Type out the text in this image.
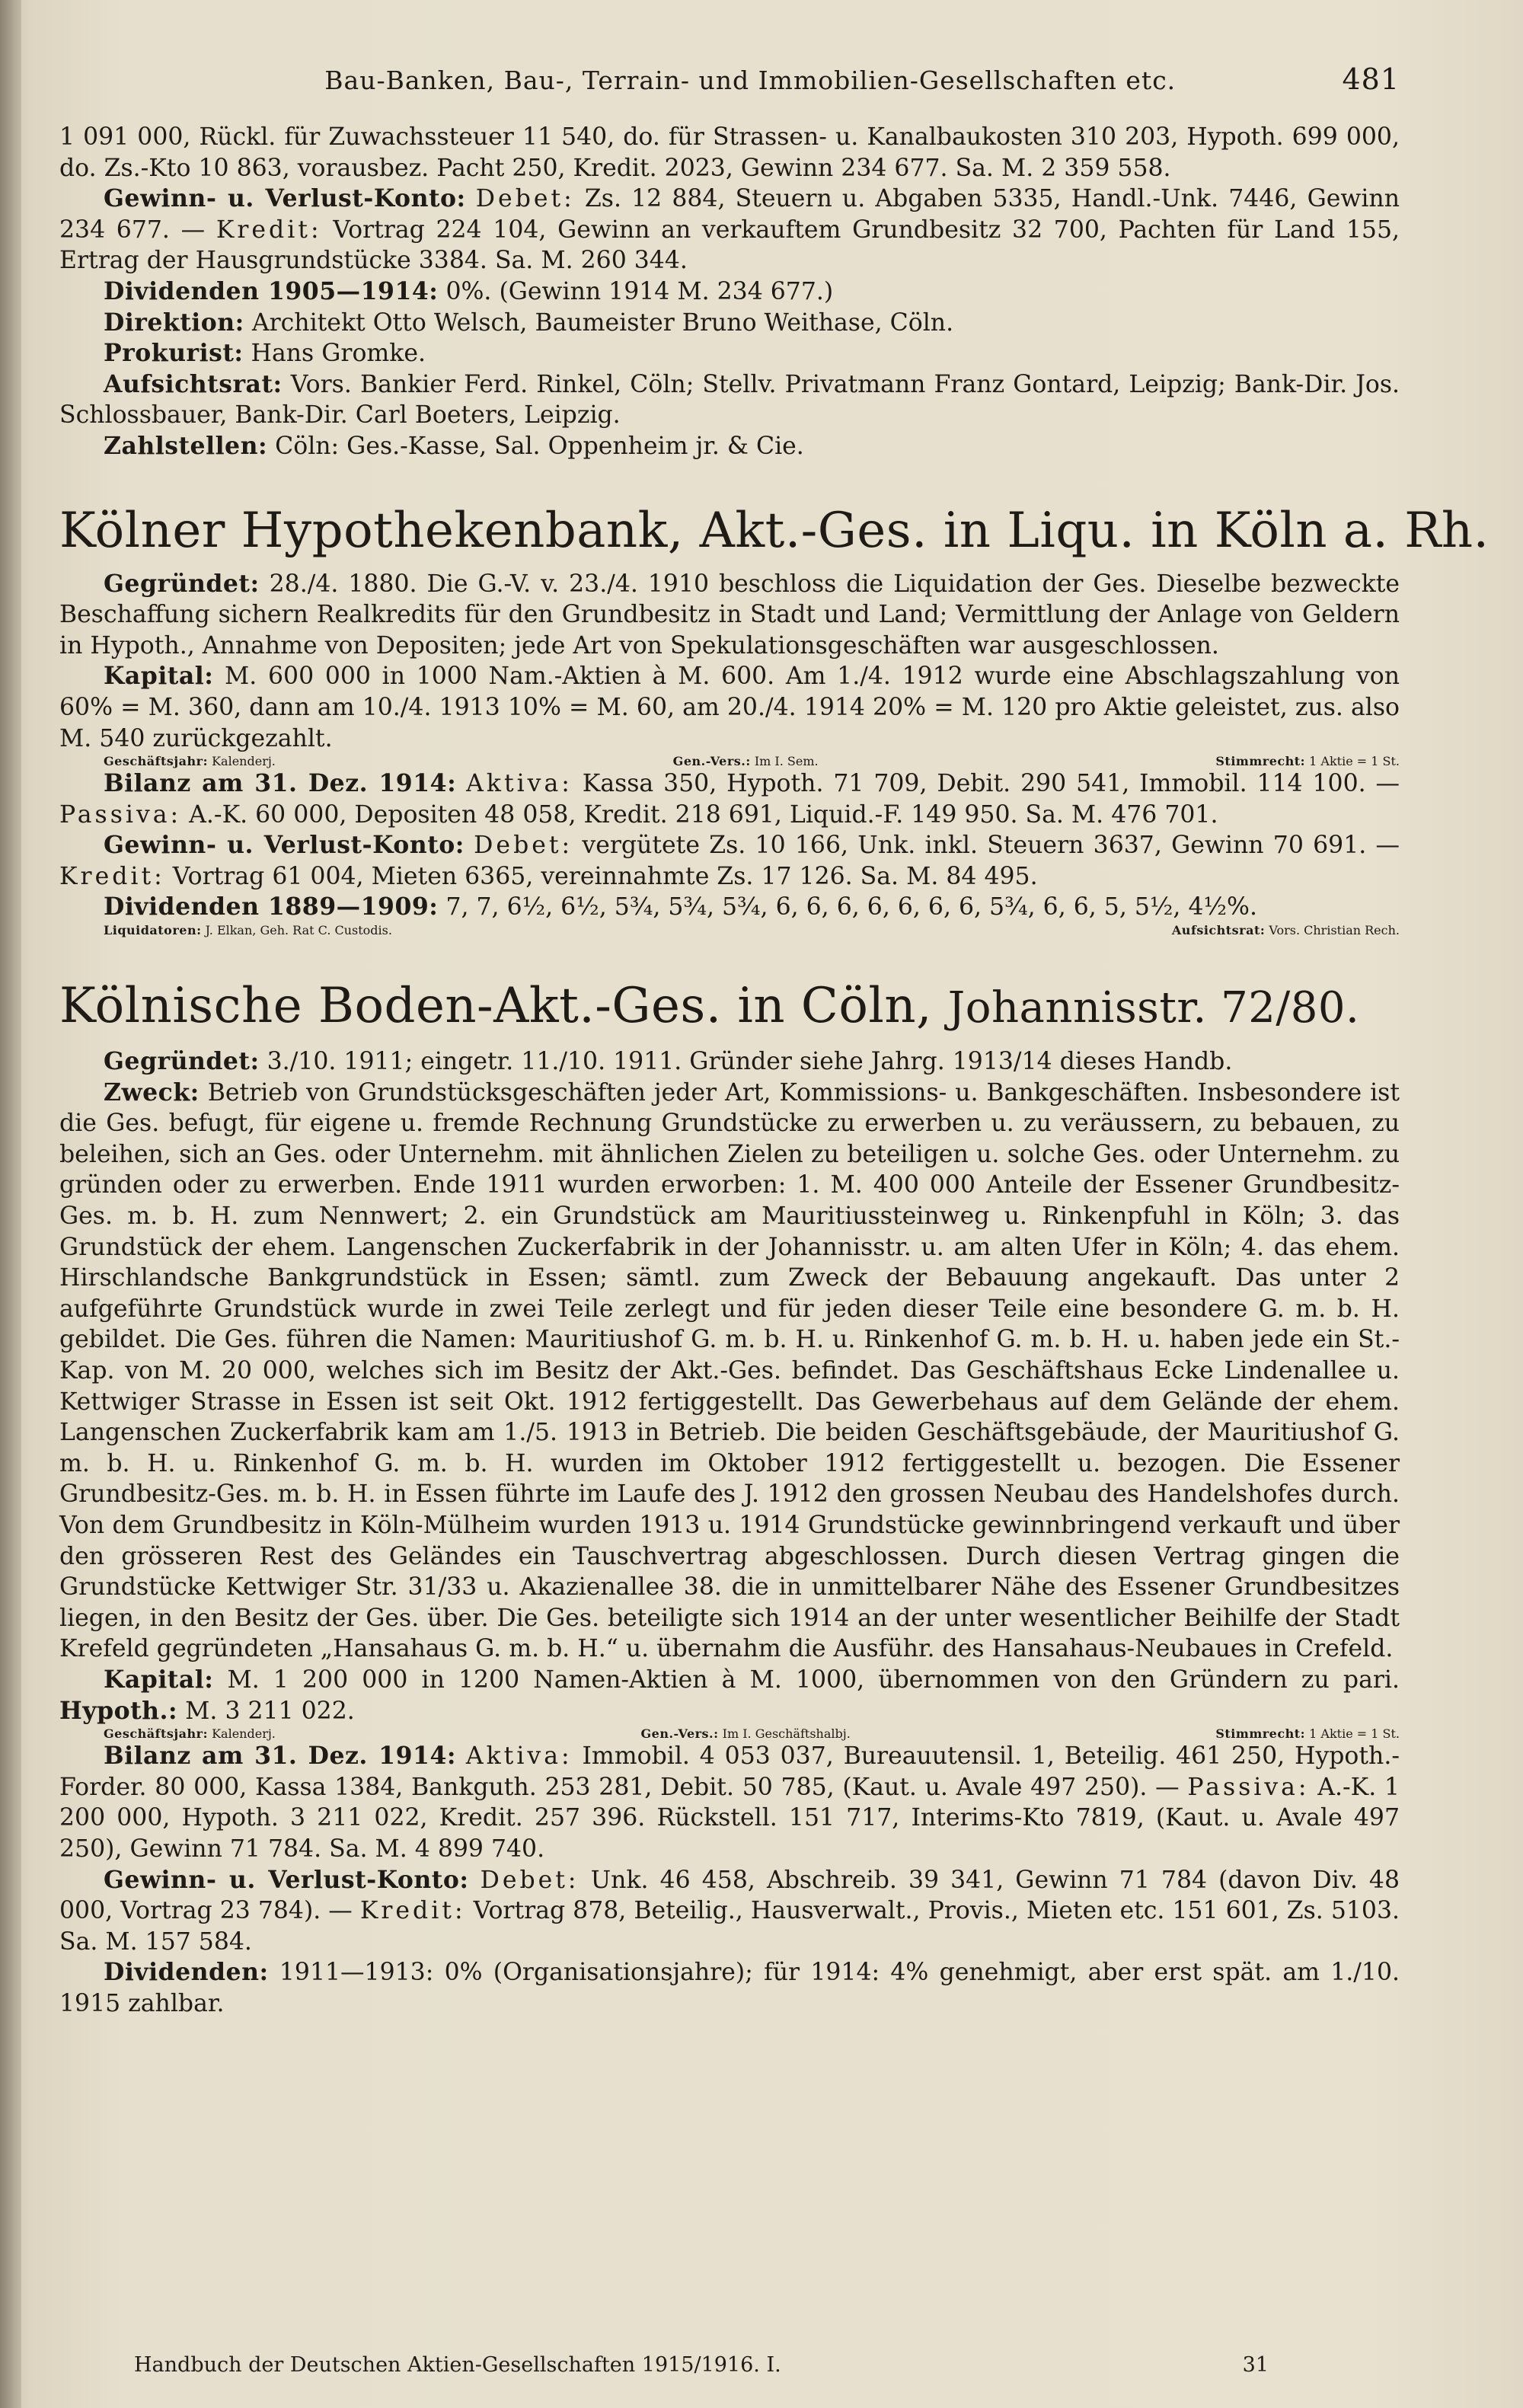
Bau-Banken, Bau-, Terrain- und Immobilien-Gesellschaften etc.	481

1 091 000, Rückl. für Zuwachssteuer 11 540, do. für Strassen- u. Kanalbaukosten 310 203, Hypoth. 699 000, do. Zs.-Kto 10 863, vorausbez. Pacht 250, Kredit. 2023, Gewinn 234 677. Sa. M. 2 359 558.

Gewinn- u. Verlust-Konto: Debet: Zs. 12 884, Steuern u. Abgaben 5335, Handl.-Unk. 7446, Gewinn 234 677. — Kredit: Vortrag 224 104, Gewinn an verkauftem Grundbesitz 32 700, Pachten für Land 155, Ertrag der Hausgrundstücke 3384. Sa. M. 260 344.

Dividenden 1905—1914: 0%. (Gewinn 1914 M. 234 677.)

Direktion: Architekt Otto Welsch, Baumeister Bruno Weithase, Cöln.

Prokurist: Hans Gromke.

Aufsichtsrat: Vors. Bankier Ferd. Rinkel, Cöln; Stellv. Privatmann Franz Gontard, Leipzig; Bank-Dir. Jos. Schlossbauer, Bank-Dir. Carl Boeters, Leipzig.

Zahlstellen: Cöln: Ges.-Kasse, Sal. Oppenheim jr. & Cie.

Kölner Hypothekenbank, Akt.-Ges. in Liqu. in Köln a. Rh.

Gegründet: 28./4. 1880. Die G.-V. v. 23./4. 1910 beschloss die Liquidation der Ges. Dieselbe bezweckte Beschaffung sichern Realkredits für den Grundbesitz in Stadt und Land; Vermittlung der Anlage von Geldern in Hypoth., Annahme von Depositen; jede Art von Spekulationsgeschäften war ausgeschlossen.

Kapital: M. 600 000 in 1000 Nam.-Aktien à M. 600. Am 1./4. 1912 wurde eine Abschlagszahlung von 60% = M. 360, dann am 10./4. 1913 10% = M. 60, am 20./4. 1914 20% = M. 120 pro Aktie geleistet, zus. also M. 540 zurückgezahlt.

Geschäftsjahr: Kalenderj.	Gen.-Vers.: Im I. Sem.	Stimmrecht: 1 Aktie = 1 St.

Bilanz am 31. Dez. 1914: Aktiva: Kassa 350, Hypoth. 71 709, Debit. 290 541, Immobil. 114 100. — Passiva: A.-K. 60 000, Depositen 48 058, Kredit. 218 691, Liquid.-F. 149 950. Sa. M. 476 701.

Gewinn- u. Verlust-Konto: Debet: vergütete Zs. 10 166, Unk. inkl. Steuern 3637, Gewinn 70 691. — Kredit: Vortrag 61 004, Mieten 6365, vereinnahmte Zs. 17 126. Sa. M. 84 495.

Dividenden 1889—1909: 7, 7, 6½, 6½, 5¾, 5¾, 5¾, 6, 6, 6, 6, 6, 6, 6, 5¾, 6, 6, 5, 5½, 4½%.

Liquidatoren: J. Elkan, Geh. Rat C. Custodis.	Aufsichtsrat: Vors. Christian Rech.
Kölnische Boden-Akt.-Ges. in Cöln, Johannisstr. 72/80.

Gegründet: 3./10. 1911; eingetr. 11./10. 1911. Gründer siehe Jahrg. 1913/14 dieses Handb.

Zweck: Betrieb von Grundstücksgeschäften jeder Art, Kommissions- u. Bankgeschäften. Insbesondere ist die Ges. befugt, für eigene u. fremde Rechnung Grundstücke zu erwerben u. zu veräussern, zu bebauen, zu beleihen, sich an Ges. oder Unternehm. mit ähnlichen Zielen zu beteiligen u. solche Ges. oder Unternehm. zu gründen oder zu erwerben. Ende 1911 wurden erworben: 1. M. 400 000 Anteile der Essener Grundbesitz-Ges. m. b. H. zum Nennwert; 2. ein Grundstück am Mauritiussteinweg u. Rinkenpfuhl in Köln; 3. das Grundstück der ehem. Langenschen Zuckerfabrik in der Johannisstr. u. am alten Ufer in Köln; 4. das ehem. Hirschlandsche Bankgrundstück in Essen; sämtl. zum Zweck der Bebauung angekauft. Das unter 2 aufgeführte Grundstück wurde in zwei Teile zerlegt und für jeden dieser Teile eine besondere G. m. b. H. gebildet. Die Ges. führen die Namen: Mauritiushof G. m. b. H. u. Rinkenhof G. m. b. H. u. haben jede ein St.-Kap. von M. 20 000, welches sich im Besitz der Akt.-Ges. befindet. Das Geschäftshaus Ecke Lindenallee u. Kettwiger Strasse in Essen ist seit Okt. 1912 fertiggestellt. Das Gewerbehaus auf dem Gelände der ehem. Langenschen Zuckerfabrik kam am 1./5. 1913 in Betrieb. Die beiden Geschäftsgebäude, der Mauritiushof G. m. b. H. u. Rinkenhof G. m. b. H. wurden im Oktober 1912 fertiggestellt u. bezogen. Die Essener Grundbesitz-Ges. m. b. H. in Essen führte im Laufe des J. 1912 den grossen Neubau des Handelshofes durch. Von dem Grundbesitz in Köln-Mülheim wurden 1913 u. 1914 Grundstücke gewinnbringend verkauft und über den grösseren Rest des Geländes ein Tauschvertrag abgeschlossen. Durch diesen Vertrag gingen die Grundstücke Kettwiger Str. 31/33 u. Akazienallee 38. die in unmittelbarer Nähe des Essener Grundbesitzes liegen, in den Besitz der Ges. über. Die Ges. beteiligte sich 1914 an der unter wesentlicher Beihilfe der Stadt Krefeld gegründeten „Hansahaus G. m. b. H.“ u. übernahm die Ausführ. des Hansahaus-Neubaues in Crefeld.

Kapital: M. 1 200 000 in 1200 Namen-Aktien à M. 1000, übernommen von den Gründern zu pari. Hypoth.: M. 3 211 022.

Geschäftsjahr: Kalenderj.	Gen.-Vers.: Im I. Geschäftshalbj.	Stimmrecht: 1 Aktie = 1 St.

Bilanz am 31. Dez. 1914: Aktiva: Immobil. 4 053 037, Bureauutensil. 1, Beteilig. 461 250, Hypoth.-Forder. 80 000, Kassa 1384, Bankguth. 253 281, Debit. 50 785, (Kaut. u. Avale 497 250). — Passiva: A.-K. 1 200 000, Hypoth. 3 211 022, Kredit. 257 396. Rückstell. 151 717, Interims-Kto 7819, (Kaut. u. Avale 497 250), Gewinn 71 784. Sa. M. 4 899 740.

Gewinn- u. Verlust-Konto: Debet: Unk. 46 458, Abschreib. 39 341, Gewinn 71 784 (davon Div. 48 000, Vortrag 23 784). — Kredit: Vortrag 878, Beteilig., Hausverwalt., Provis., Mieten etc. 151 601, Zs. 5103. Sa. M. 157 584.

Dividenden: 1911—1913: 0% (Organisationsjahre); für 1914: 4% genehmigt, aber erst spät. am 1./10. 1915 zahlbar.

Handbuch der Deutschen Aktien-Gesellschaften 1915/1916. I.	31
